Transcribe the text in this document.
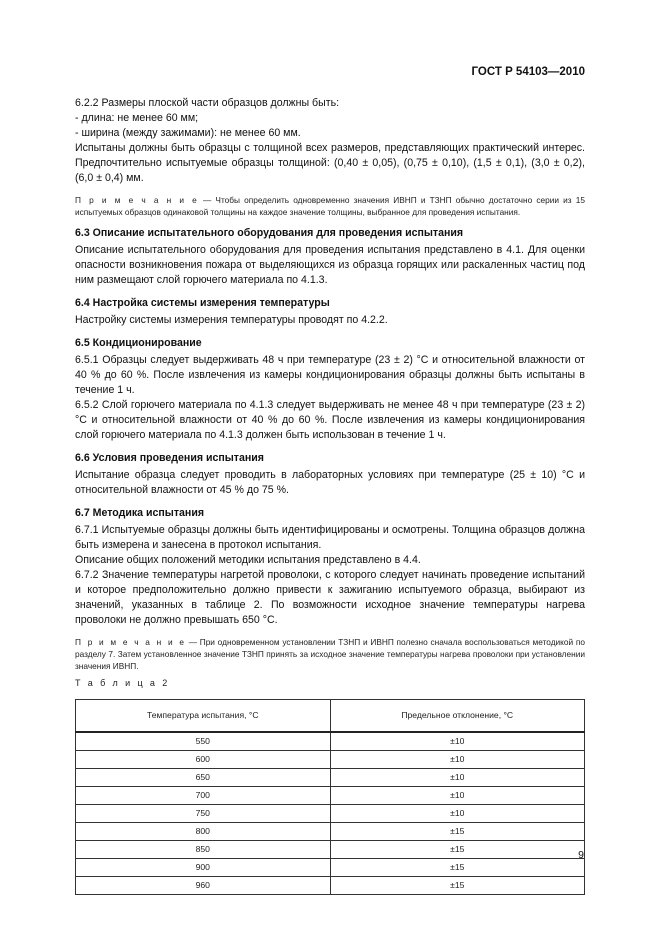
ГОСТ Р 54103—2010

6.2.2 Размеры плоской части образцов должны быть:

- длина: не менее 60 мм;

- ширина (между зажимами): не менее 60 мм.

Испытаны должны быть образцы с толщиной всех размеров, представляющих практический интерес. Предпочтительно испытуемые образцы толщиной: (0,40 ± 0,05), (0,75 ± 0,10), (1,5 ± 0,1), (3,0 ± 0,2), (6,0 ± 0,4) мм.

П р и м е ч а н и е — Чтобы определить одновременно значения ИВНП и ТЗНП обычно достаточно серии из 15 испытуемых образцов одинаковой толщины на каждое значение толщины, выбранное для проведения испытания.

6.3 Описание испытательного оборудования для проведения испытания

Описание испытательного оборудования для проведения испытания представлено в 4.1. Для оценки опасности возникновения пожара от выделяющихся из образца горящих или раскаленных частиц под ним размещают слой горючего материала по 4.1.3.

6.4 Настройка системы измерения температуры

Настройку системы измерения температуры проводят по 4.2.2.

6.5 Кондиционирование

6.5.1 Образцы следует выдерживать 48 ч при температуре (23 ± 2) °С и относительной влажности от 40 % до 60 %. После извлечения из камеры кондиционирования образцы должны быть испытаны в течение 1 ч.

6.5.2 Слой горючего материала по 4.1.3 следует выдерживать не менее 48 ч при температуре (23 ± 2) °С и относительной влажности от 40 % до 60 %. После извлечения из камеры кондиционирования слой горючего материала по 4.1.3 должен быть использован в течение 1 ч.

6.6 Условия проведения испытания

Испытание образца следует проводить в лабораторных условиях при температуре (25 ± 10) °С и относительной влажности от 45 % до 75 %.

6.7 Методика испытания

6.7.1 Испытуемые образцы должны быть идентифицированы и осмотрены. Толщина образцов должна быть измерена и занесена в протокол испытания.

Описание общих положений методики испытания представлено в 4.4.

6.7.2 Значение температуры нагретой проволоки, с которого следует начинать проведение испытаний и которое предположительно должно привести к зажиганию испытуемого образца, выбирают из значений, указанных в таблице 2. По возможности исходное значение температуры нагрева проволоки не должно превышать 650 °С.

П р и м е ч а н и е — При одновременном установлении ТЗНП и ИВНП полезно сначала воспользоваться методикой по разделу 7. Затем установленное значение ТЗНП принять за исходное значение температуры нагрева проволоки при установлении значения ИВНП.

Т а б л и ц а 2

Температура испытания, °С	Предельное отклонение, °С
550	±10
600	±10
650	±10
700	±10
750	±10
800	±15
850	±15
900	±15
960	±15
9
